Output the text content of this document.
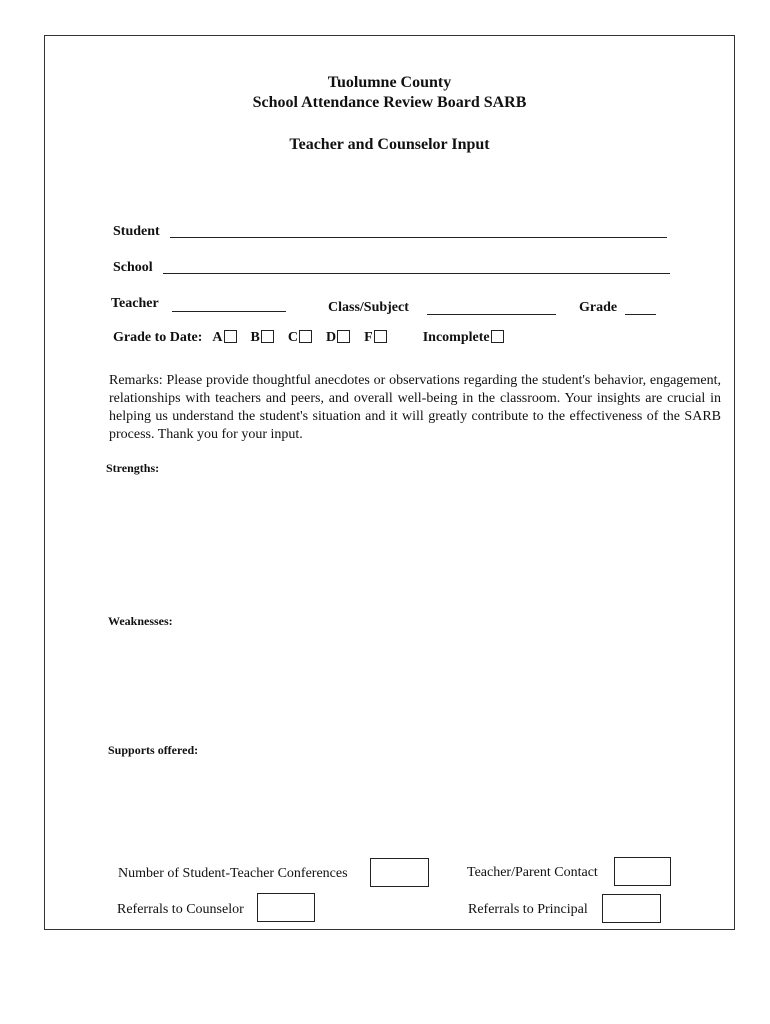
Tuolumne County
School Attendance Review Board SARB
Teacher and Counselor Input
Student
School
Teacher	Class/Subject	Grade
Grade to Date: A B C D F	Incomplete
Remarks: Please provide thoughtful anecdotes or observations regarding the student's behavior, engagement, relationships with teachers and peers, and overall well-being in the classroom. Your insights are crucial in helping us understand the student's situation and it will greatly contribute to the effectiveness of the SARB process. Thank you for your input.
Strengths:
Weaknesses:
Supports offered:
Number of Student-Teacher Conferences	Teacher/Parent Contact
Referrals to Counselor	Referrals to Principal
